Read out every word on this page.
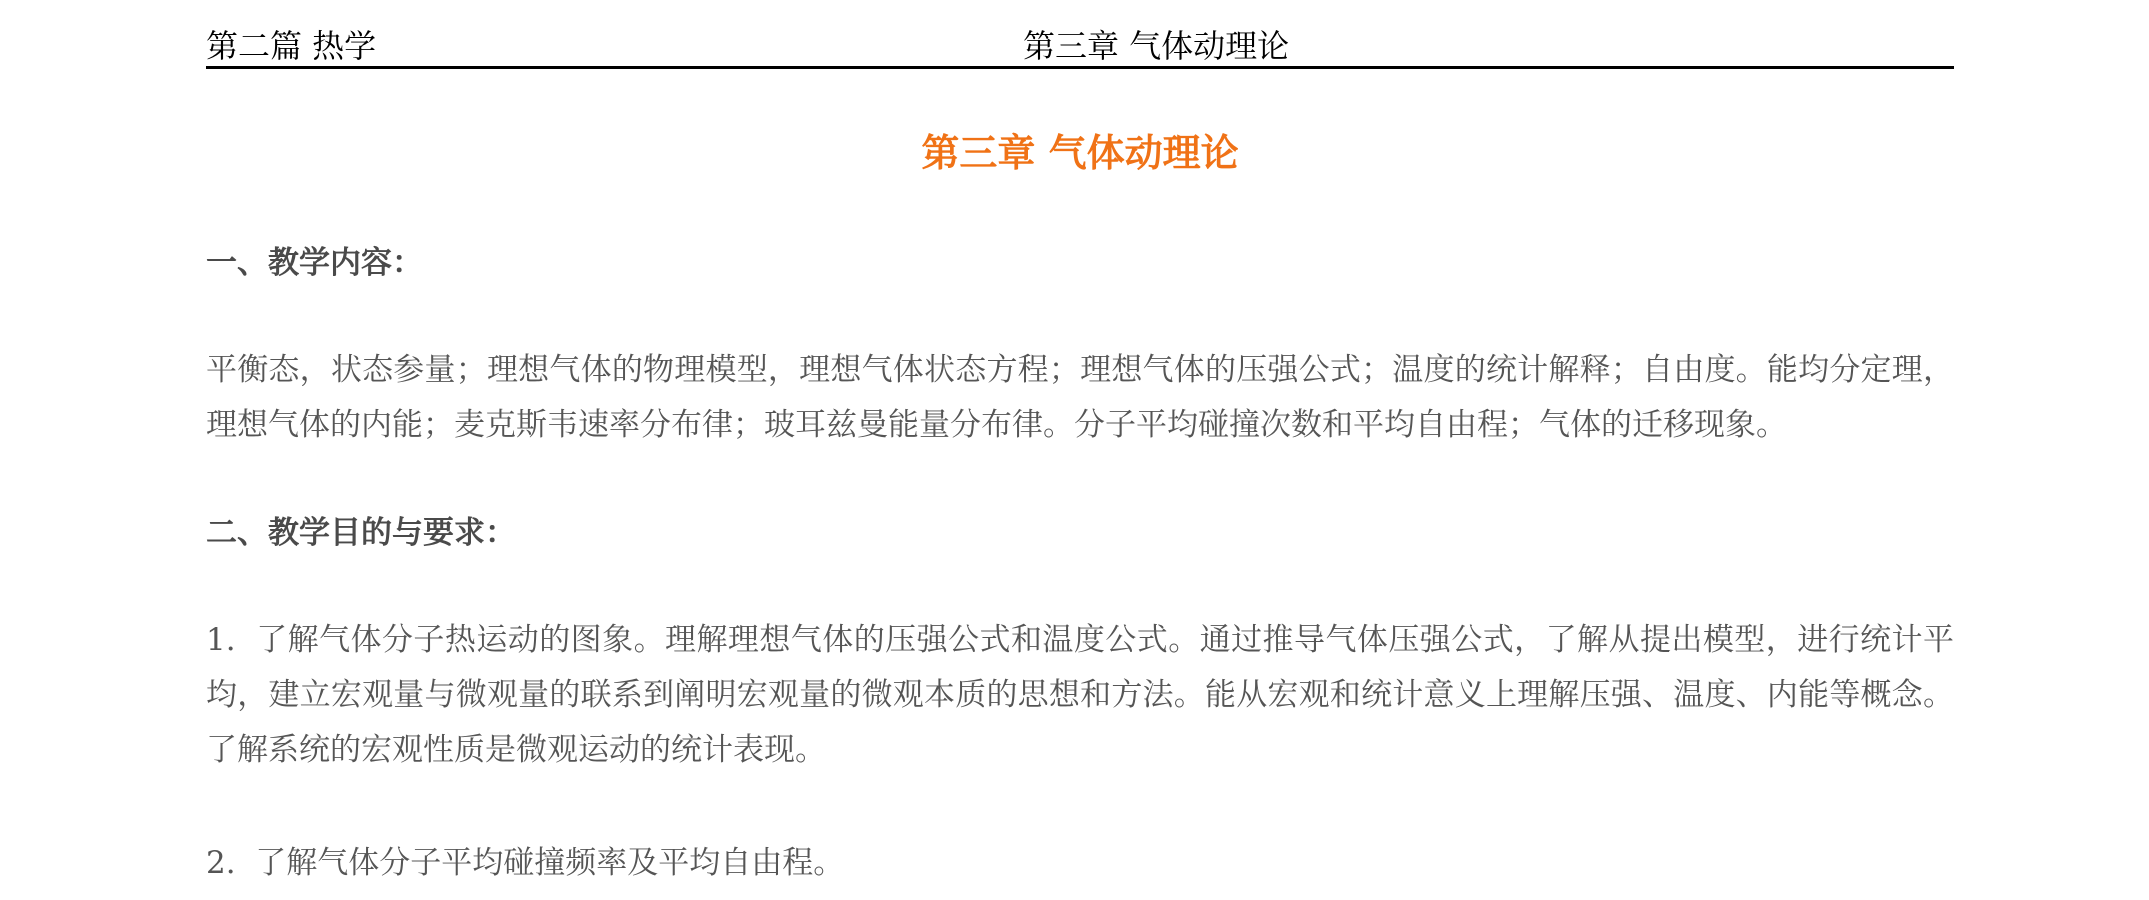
第二篇 热学	第三章 气体动理论
第三章 气体动理论
一、教学内容：
平衡态，状态参量；理想气体的物理模型，理想气体状态方程；理想气体的压强公式；温度的统计解释；自由度。能均分定理，理想气体的内能；麦克斯韦速率分布律；玻耳兹曼能量分布律。分子平均碰撞次数和平均自由程；气体的迁移现象。
二、教学目的与要求：
1. 了解气体分子热运动的图象。理解理想气体的压强公式和温度公式。通过推导气体压强公式，了解从提出模型，进行统计平均，建立宏观量与微观量的联系到阐明宏观量的微观本质的思想和方法。能从宏观和统计意义上理解压强、温度、内能等概念。了解系统的宏观性质是微观运动的统计表现。
2. 了解气体分子平均碰撞频率及平均自由程。
